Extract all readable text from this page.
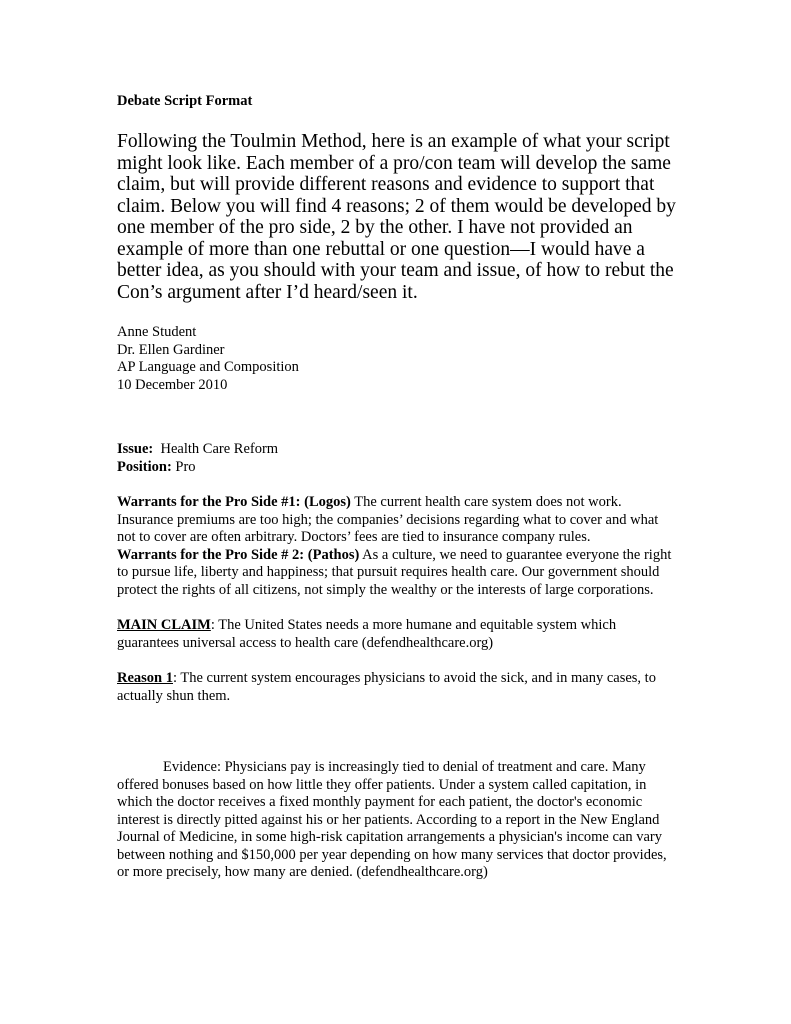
Debate Script Format
Following the Toulmin Method, here is an example of what your script might look like. Each member of a pro/con team will develop the same claim, but will provide different reasons and evidence to support that claim. Below you will find 4 reasons; 2 of them would be developed by one member of the pro side, 2 by the other. I have not provided an example of more than one rebuttal or one question—I would have a better idea, as you should with your team and issue, of how to rebut the Con’s argument after I’d heard/seen it.
Anne Student
Dr. Ellen Gardiner
AP Language and Composition
10 December 2010
Issue: Health Care Reform
Position: Pro
Warrants for the Pro Side #1: (Logos) The current health care system does not work. Insurance premiums are too high; the companies’ decisions regarding what to cover and what not to cover are often arbitrary. Doctors’ fees are tied to insurance company rules.
Warrants for the Pro Side # 2: (Pathos) As a culture, we need to guarantee everyone the right to pursue life, liberty and happiness; that pursuit requires health care. Our government should protect the rights of all citizens, not simply the wealthy or the interests of large corporations.
MAIN CLAIM: The United States needs a more humane and equitable system which guarantees universal access to health care (defendhealthcare.org)
Reason 1: The current system encourages physicians to avoid the sick, and in many cases, to actually shun them.
Evidence: Physicians pay is increasingly tied to denial of treatment and care. Many offered bonuses based on how little they offer patients. Under a system called capitation, in which the doctor receives a fixed monthly payment for each patient, the doctor's economic interest is directly pitted against his or her patients. According to a report in the New England Journal of Medicine, in some high-risk capitation arrangements a physician's income can vary between nothing and $150,000 per year depending on how many services that doctor provides, or more precisely, how many are denied. (defendhealthcare.org)
